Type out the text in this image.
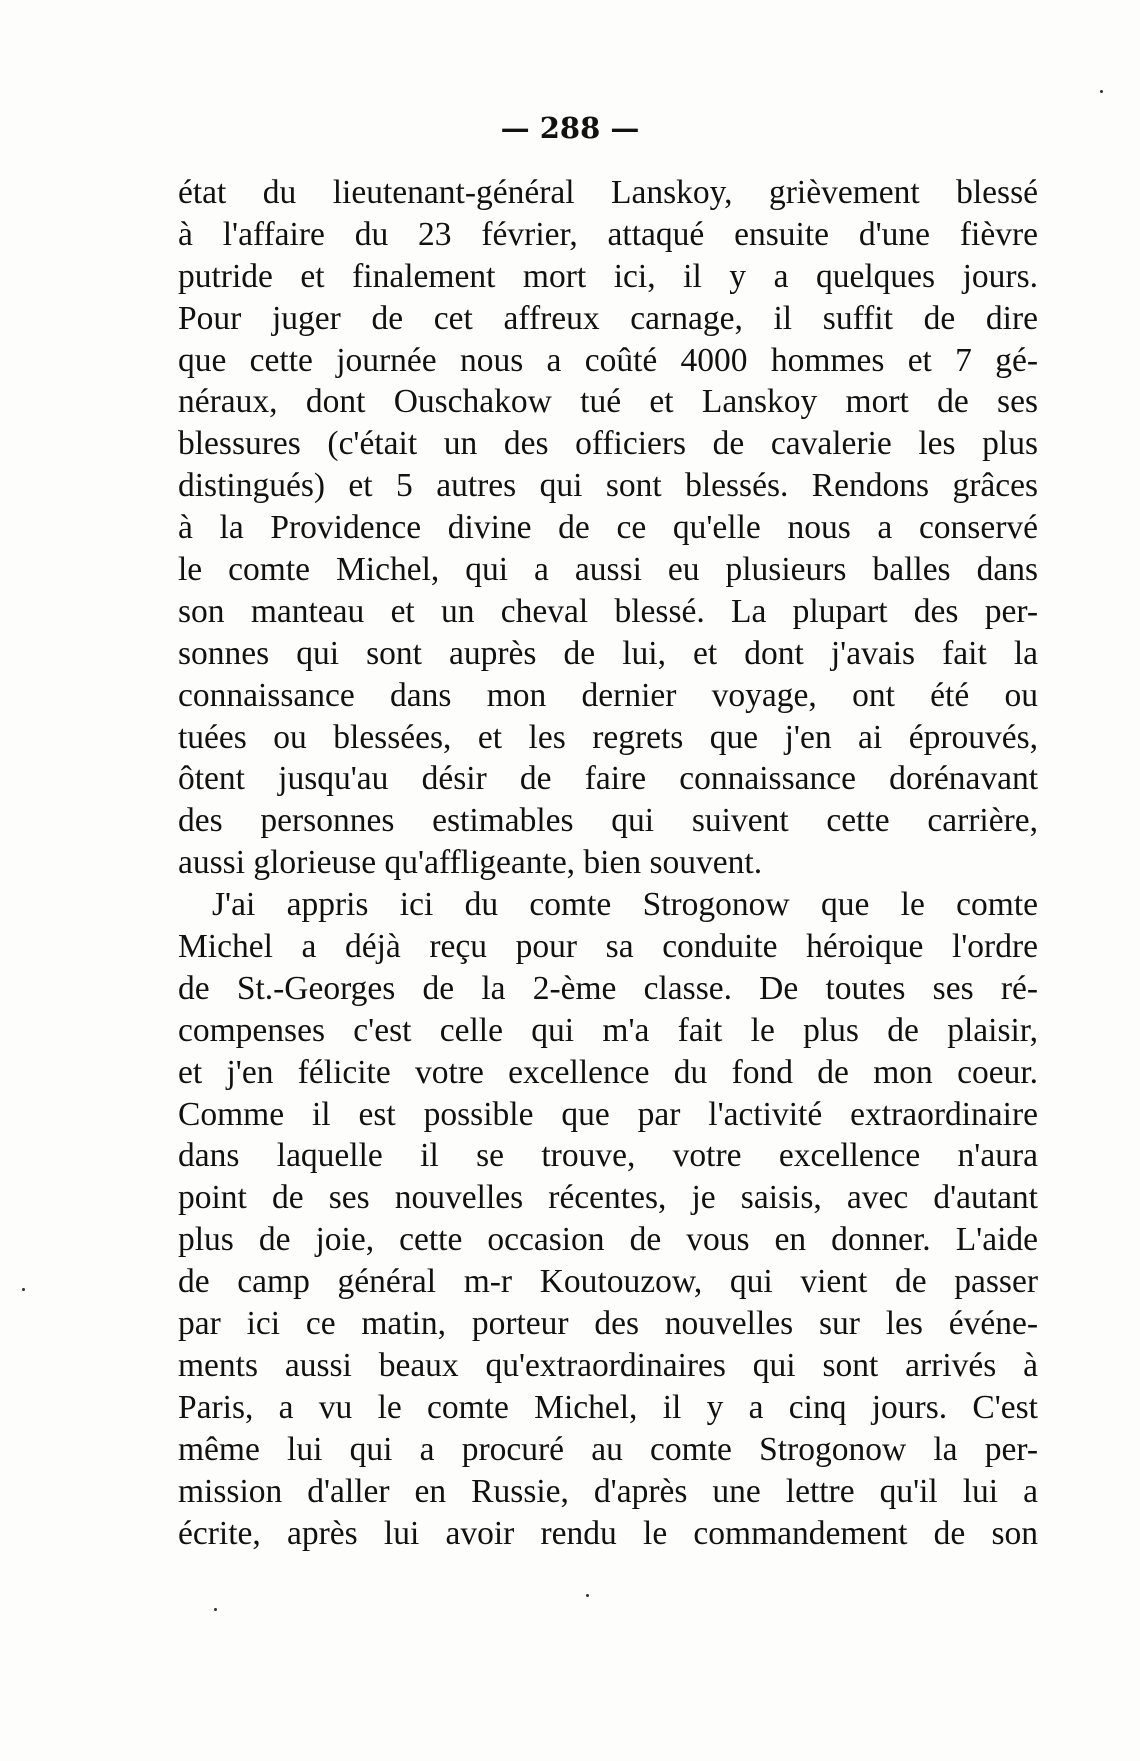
— 288 —
état du lieutenant-général Lanskoy, grièvement blessé
à l'affaire du 23 février, attaqué ensuite d'une fièvre
putride et finalement mort ici, il y a quelques jours.
Pour juger de cet affreux carnage, il suffit de dire
que cette journée nous a coûté 4000 hommes et 7 gé-
néraux, dont Ouschakow tué et Lanskoy mort de ses
blessures (c'était un des officiers de cavalerie les plus
distingués) et 5 autres qui sont blessés. Rendons grâces
à la Providence divine de ce qu'elle nous a conservé
le comte Michel, qui a aussi eu plusieurs balles dans
son manteau et un cheval blessé. La plupart des per-
sonnes qui sont auprès de lui, et dont j'avais fait la
connaissance dans mon dernier voyage, ont été ou
tuées ou blessées, et les regrets que j'en ai éprouvés,
ôtent jusqu'au désir de faire connaissance dorénavant
des personnes estimables qui suivent cette carrière,
aussi glorieuse qu'affligeante, bien souvent.
J'ai appris ici du comte Strogonow que le comte
Michel a déjà reçu pour sa conduite héroique l'ordre
de St.-Georges de la 2-ème classe. De toutes ses ré-
compenses c'est celle qui m'a fait le plus de plaisir,
et j'en félicite votre excellence du fond de mon coeur.
Comme il est possible que par l'activité extraordinaire
dans laquelle il se trouve, votre excellence n'aura
point de ses nouvelles récentes, je saisis, avec d'autant
plus de joie, cette occasion de vous en donner. L'aide
de camp général m-r Koutouzow, qui vient de passer
par ici ce matin, porteur des nouvelles sur les événe-
ments aussi beaux qu'extraordinaires qui sont arrivés à
Paris, a vu le comte Michel, il y a cinq jours. C'est
même lui qui a procuré au comte Strogonow la per-
mission d'aller en Russie, d'après une lettre qu'il lui a
écrite, après lui avoir rendu le commandement de son
